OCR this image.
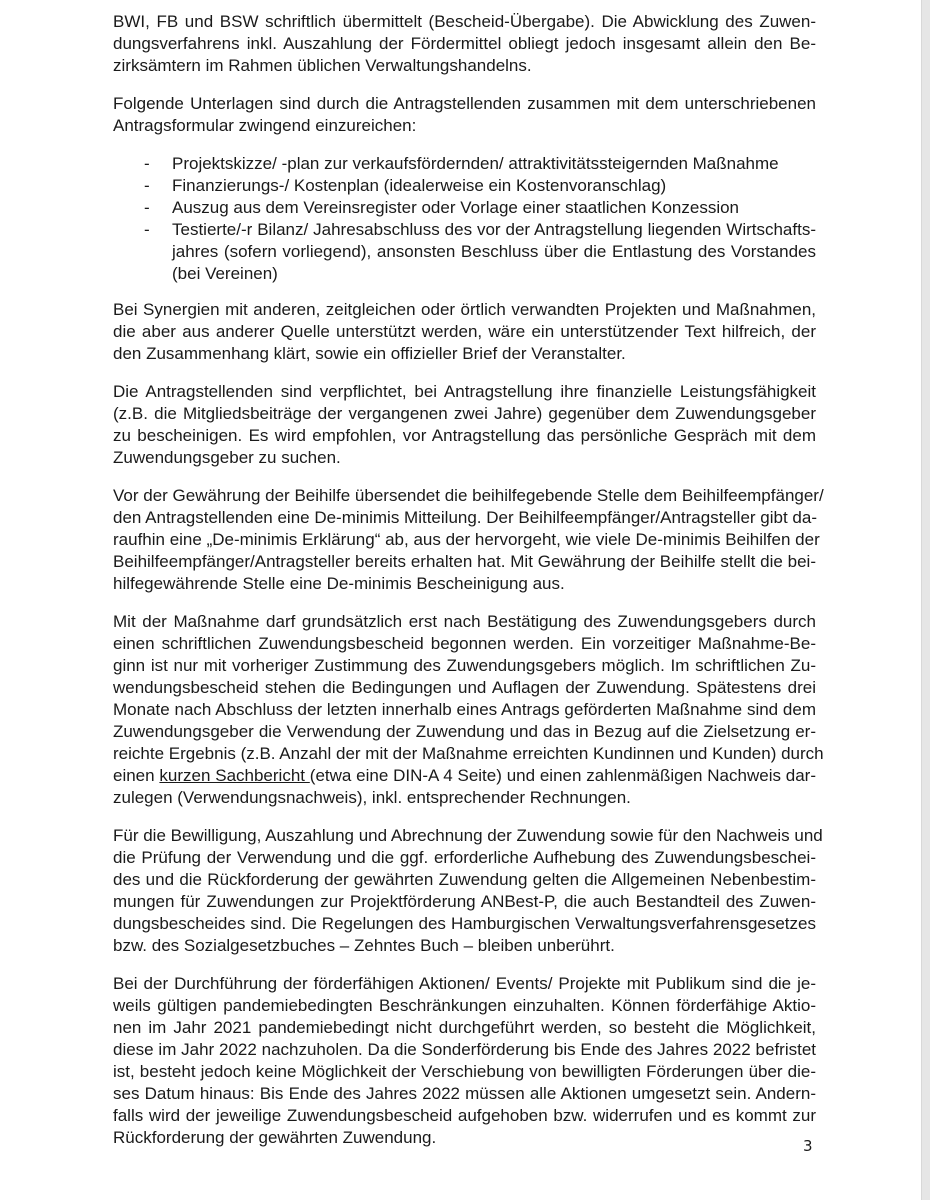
BWI, FB und BSW schriftlich übermittelt (Bescheid-Übergabe). Die Abwicklung des Zuwen-
dungsverfahrens inkl. Auszahlung der Fördermittel obliegt jedoch insgesamt allein den Be-
zirksämtern im Rahmen üblichen Verwaltungshandelns.
Folgende Unterlagen sind durch die Antragstellenden zusammen mit dem unterschriebenen
Antragsformular zwingend einzureichen:
- Projektskizze/ -plan zur verkaufsfördernden/ attraktivitätssteigernden Maßnahme
- Finanzierungs-/ Kostenplan (idealerweise ein Kostenvoranschlag)
- Auszug aus dem Vereinsregister oder Vorlage einer staatlichen Konzession
- Testierte/-r Bilanz/ Jahresabschluss des vor der Antragstellung liegenden Wirtschafts-
jahres (sofern vorliegend), ansonsten Beschluss über die Entlastung des Vorstandes
(bei Vereinen)
Bei Synergien mit anderen, zeitgleichen oder örtlich verwandten Projekten und Maßnahmen,
die aber aus anderer Quelle unterstützt werden, wäre ein unterstützender Text hilfreich, der
den Zusammenhang klärt, sowie ein offizieller Brief der Veranstalter.
Die Antragstellenden sind verpflichtet, bei Antragstellung ihre finanzielle Leistungsfähigkeit
(z.B. die Mitgliedsbeiträge der vergangenen zwei Jahre) gegenüber dem Zuwendungsgeber
zu bescheinigen. Es wird empfohlen, vor Antragstellung das persönliche Gespräch mit dem
Zuwendungsgeber zu suchen.
Vor der Gewährung der Beihilfe übersendet die beihilfegebende Stelle dem Beihilfeempfänger/
den Antragstellenden eine De-minimis Mitteilung. Der Beihilfeempfänger/Antragsteller gibt da-
raufhin eine „De-minimis Erklärung“ ab, aus der hervorgeht, wie viele De-minimis Beihilfen der
Beihilfeempfänger/Antragsteller bereits erhalten hat. Mit Gewährung der Beihilfe stellt die bei-
hilfegewährende Stelle eine De-minimis Bescheinigung aus.
Mit der Maßnahme darf grundsätzlich erst nach Bestätigung des Zuwendungsgebers durch
einen schriftlichen Zuwendungsbescheid begonnen werden. Ein vorzeitiger Maßnahme-Be-
ginn ist nur mit vorheriger Zustimmung des Zuwendungsgebers möglich. Im schriftlichen Zu-
wendungsbescheid stehen die Bedingungen und Auflagen der Zuwendung. Spätestens drei
Monate nach Abschluss der letzten innerhalb eines Antrags geförderten Maßnahme sind dem
Zuwendungsgeber die Verwendung der Zuwendung und das in Bezug auf die Zielsetzung er-
reichte Ergebnis (z.B. Anzahl der mit der Maßnahme erreichten Kundinnen und Kunden) durch
einen kurzen Sachbericht (etwa eine DIN-A 4 Seite) und einen zahlenmäßigen Nachweis dar-
zulegen (Verwendungsnachweis), inkl. entsprechender Rechnungen.
Für die Bewilligung, Auszahlung und Abrechnung der Zuwendung sowie für den Nachweis und
die Prüfung der Verwendung und die ggf. erforderliche Aufhebung des Zuwendungsbeschei-
des und die Rückforderung der gewährten Zuwendung gelten die Allgemeinen Nebenbestim-
mungen für Zuwendungen zur Projektförderung ANBest-P, die auch Bestandteil des Zuwen-
dungsbescheides sind. Die Regelungen des Hamburgischen Verwaltungsverfahrensgesetzes
bzw. des Sozialgesetzbuches – Zehntes Buch – bleiben unberührt.
Bei der Durchführung der förderfähigen Aktionen/ Events/ Projekte mit Publikum sind die je-
weils gültigen pandemiebedingten Beschränkungen einzuhalten. Können förderfähige Aktio-
nen im Jahr 2021 pandemiebedingt nicht durchgeführt werden, so besteht die Möglichkeit,
diese im Jahr 2022 nachzuholen. Da die Sonderförderung bis Ende des Jahres 2022 befristet
ist, besteht jedoch keine Möglichkeit der Verschiebung von bewilligten Förderungen über die-
ses Datum hinaus: Bis Ende des Jahres 2022 müssen alle Aktionen umgesetzt sein. Andern-
falls wird der jeweilige Zuwendungsbescheid aufgehoben bzw. widerrufen und es kommt zur
Rückforderung der gewährten Zuwendung.	3
